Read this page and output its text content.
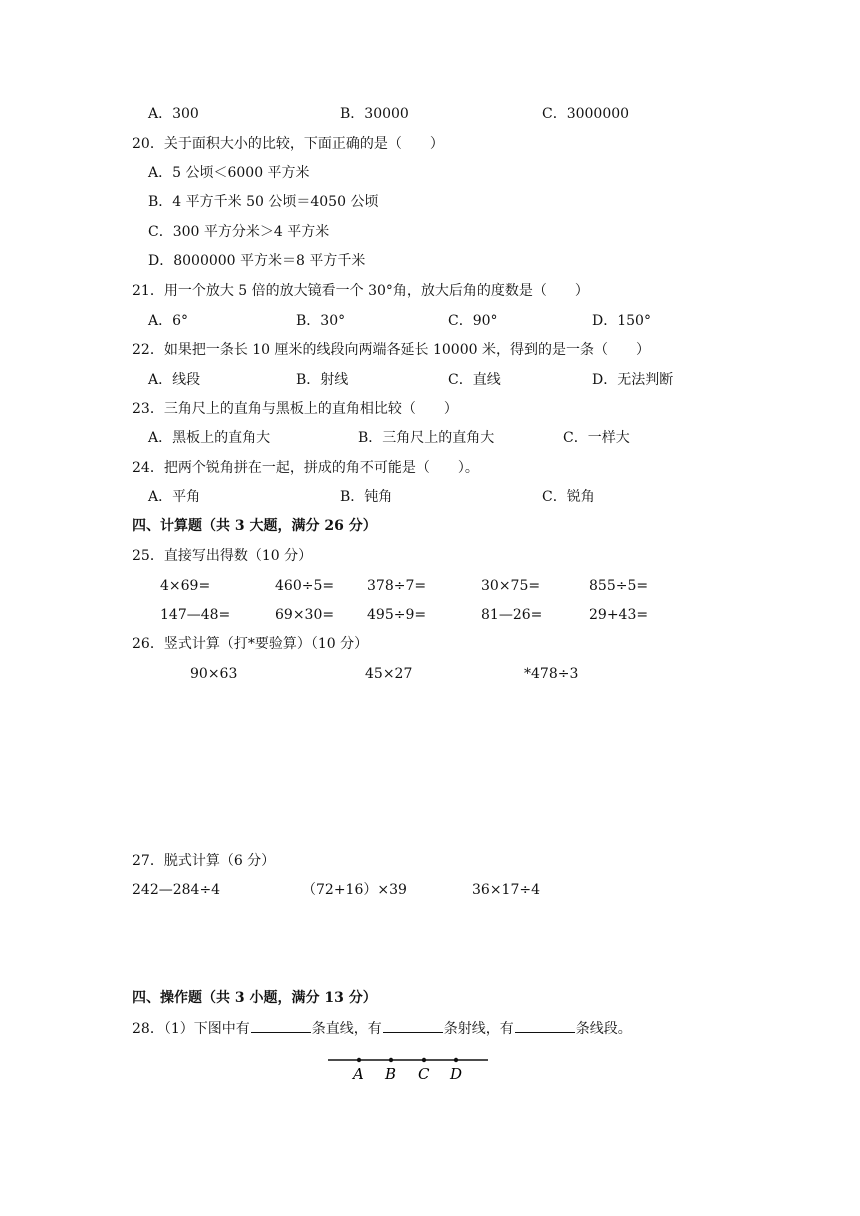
A．300	B．30000	C．3000000
20．关于面积大小的比较，下面正确的是（　　）
A．5 公顷＜6000 平方米
B．4 平方千米 50 公顷＝4050 公顷
C．300 平方分米＞4 平方米
D．8000000 平方米＝8 平方千米
21．用一个放大 5 倍的放大镜看一个 30°角，放大后角的度数是（　　）
A．6°	B．30°	C．90°	D．150°
22．如果把一条长 10 厘米的线段向两端各延长 10000 米，得到的是一条（　　）
A．线段	B．射线	C．直线	D．无法判断
23．三角尺上的直角与黑板上的直角相比较（　　）
A．黑板上的直角大	B．三角尺上的直角大	C．一样大
24．把两个锐角拼在一起，拼成的角不可能是（　　）。
A．平角	B．钝角	C．锐角
四、计算题（共 3 大题，满分 26 分）
25．直接写出得数（10 分）
4×69=	460÷5= 378÷7=	30×75=	855÷5=
147—48=	69×30= 495÷9=	81—26=	29+43=
26．竖式计算（打*要验算）（10 分）
90×63	45×27	*478÷3
27．脱式计算（6 分）
242—284÷4	（72+16）×39	36×17÷4
四、操作题（共 3 小题，满分 13 分）
28．（1）下图中有	条直线，有	条射线，有	条线段。
A B C D
